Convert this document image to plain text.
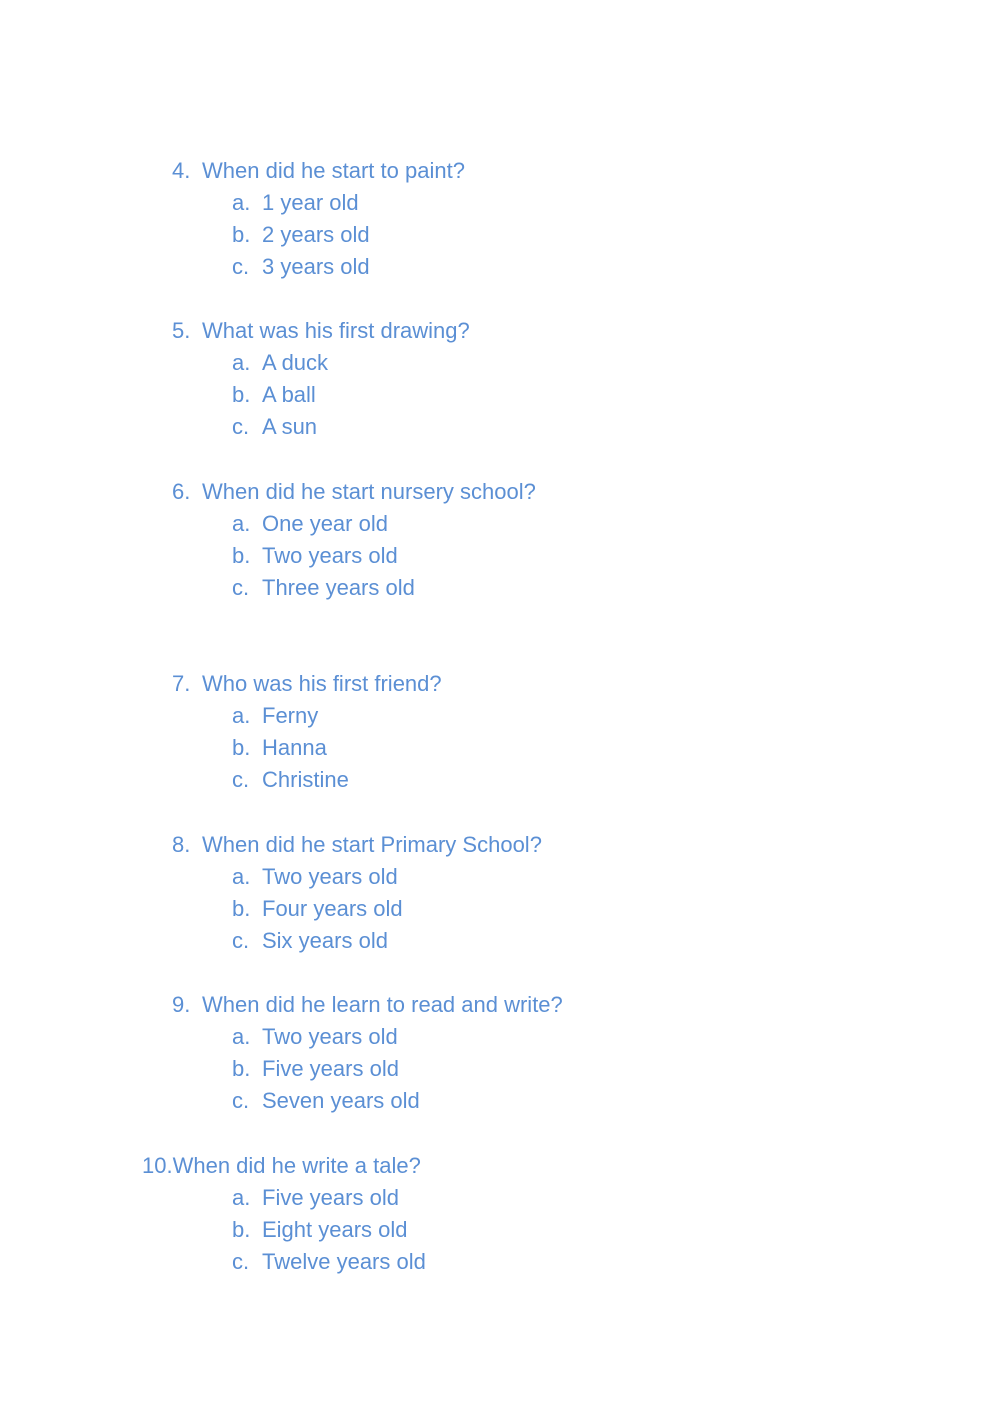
4. When did he start to paint?
a. 1 year old
b. 2 years old
c. 3 years old
5. What was his first drawing?
a. A duck
b. A ball
c. A sun
6. When did he start nursery school?
a. One year old
b. Two years old
c. Three years old
7. Who was his first friend?
a. Ferny
b. Hanna
c. Christine
8. When did he start Primary School?
a. Two years old
b. Four years old
c. Six years old
9. When did he learn to read and write?
a. Two years old
b. Five years old
c. Seven years old
10.When did he write a tale?
a. Five years old
b. Eight years old
c. Twelve years old
